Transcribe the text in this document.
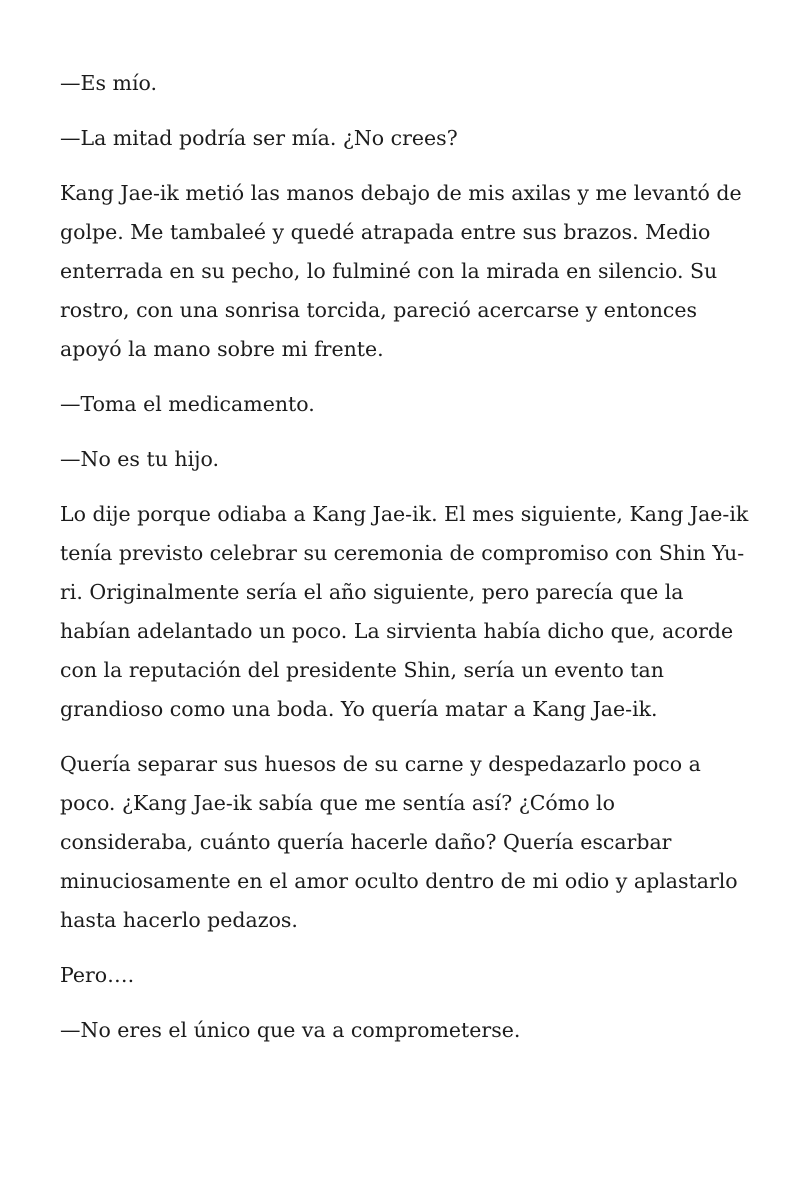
—Es mío.

—La mitad podría ser mía. ¿No crees?

Kang Jae-ik metió las manos debajo de mis axilas y me levantó de golpe. Me tambaleé y quedé atrapada entre sus brazos. Medio enterrada en su pecho, lo fulminé con la mirada en silencio. Su rostro, con una sonrisa torcida, pareció acercarse y entonces apoyó la mano sobre mi frente.

—Toma el medicamento.

—No es tu hijo.

Lo dije porque odiaba a Kang Jae-ik. El mes siguiente, Kang Jae-ik tenía previsto celebrar su ceremonia de compromiso con Shin Yu-ri. Originalmente sería el año siguiente, pero parecía que la habían adelantado un poco. La sirvienta había dicho que, acorde con la reputación del presidente Shin, sería un evento tan grandioso como una boda. Yo quería matar a Kang Jae-ik.

Quería separar sus huesos de su carne y despedazarlo poco a poco. ¿Kang Jae-ik sabía que me sentía así? ¿Cómo lo consideraba, cuánto quería hacerle daño? Quería escarbar minuciosamente en el amor oculto dentro de mi odio y aplastarlo hasta hacerlo pedazos.

Pero….

—No eres el único que va a comprometerse.
